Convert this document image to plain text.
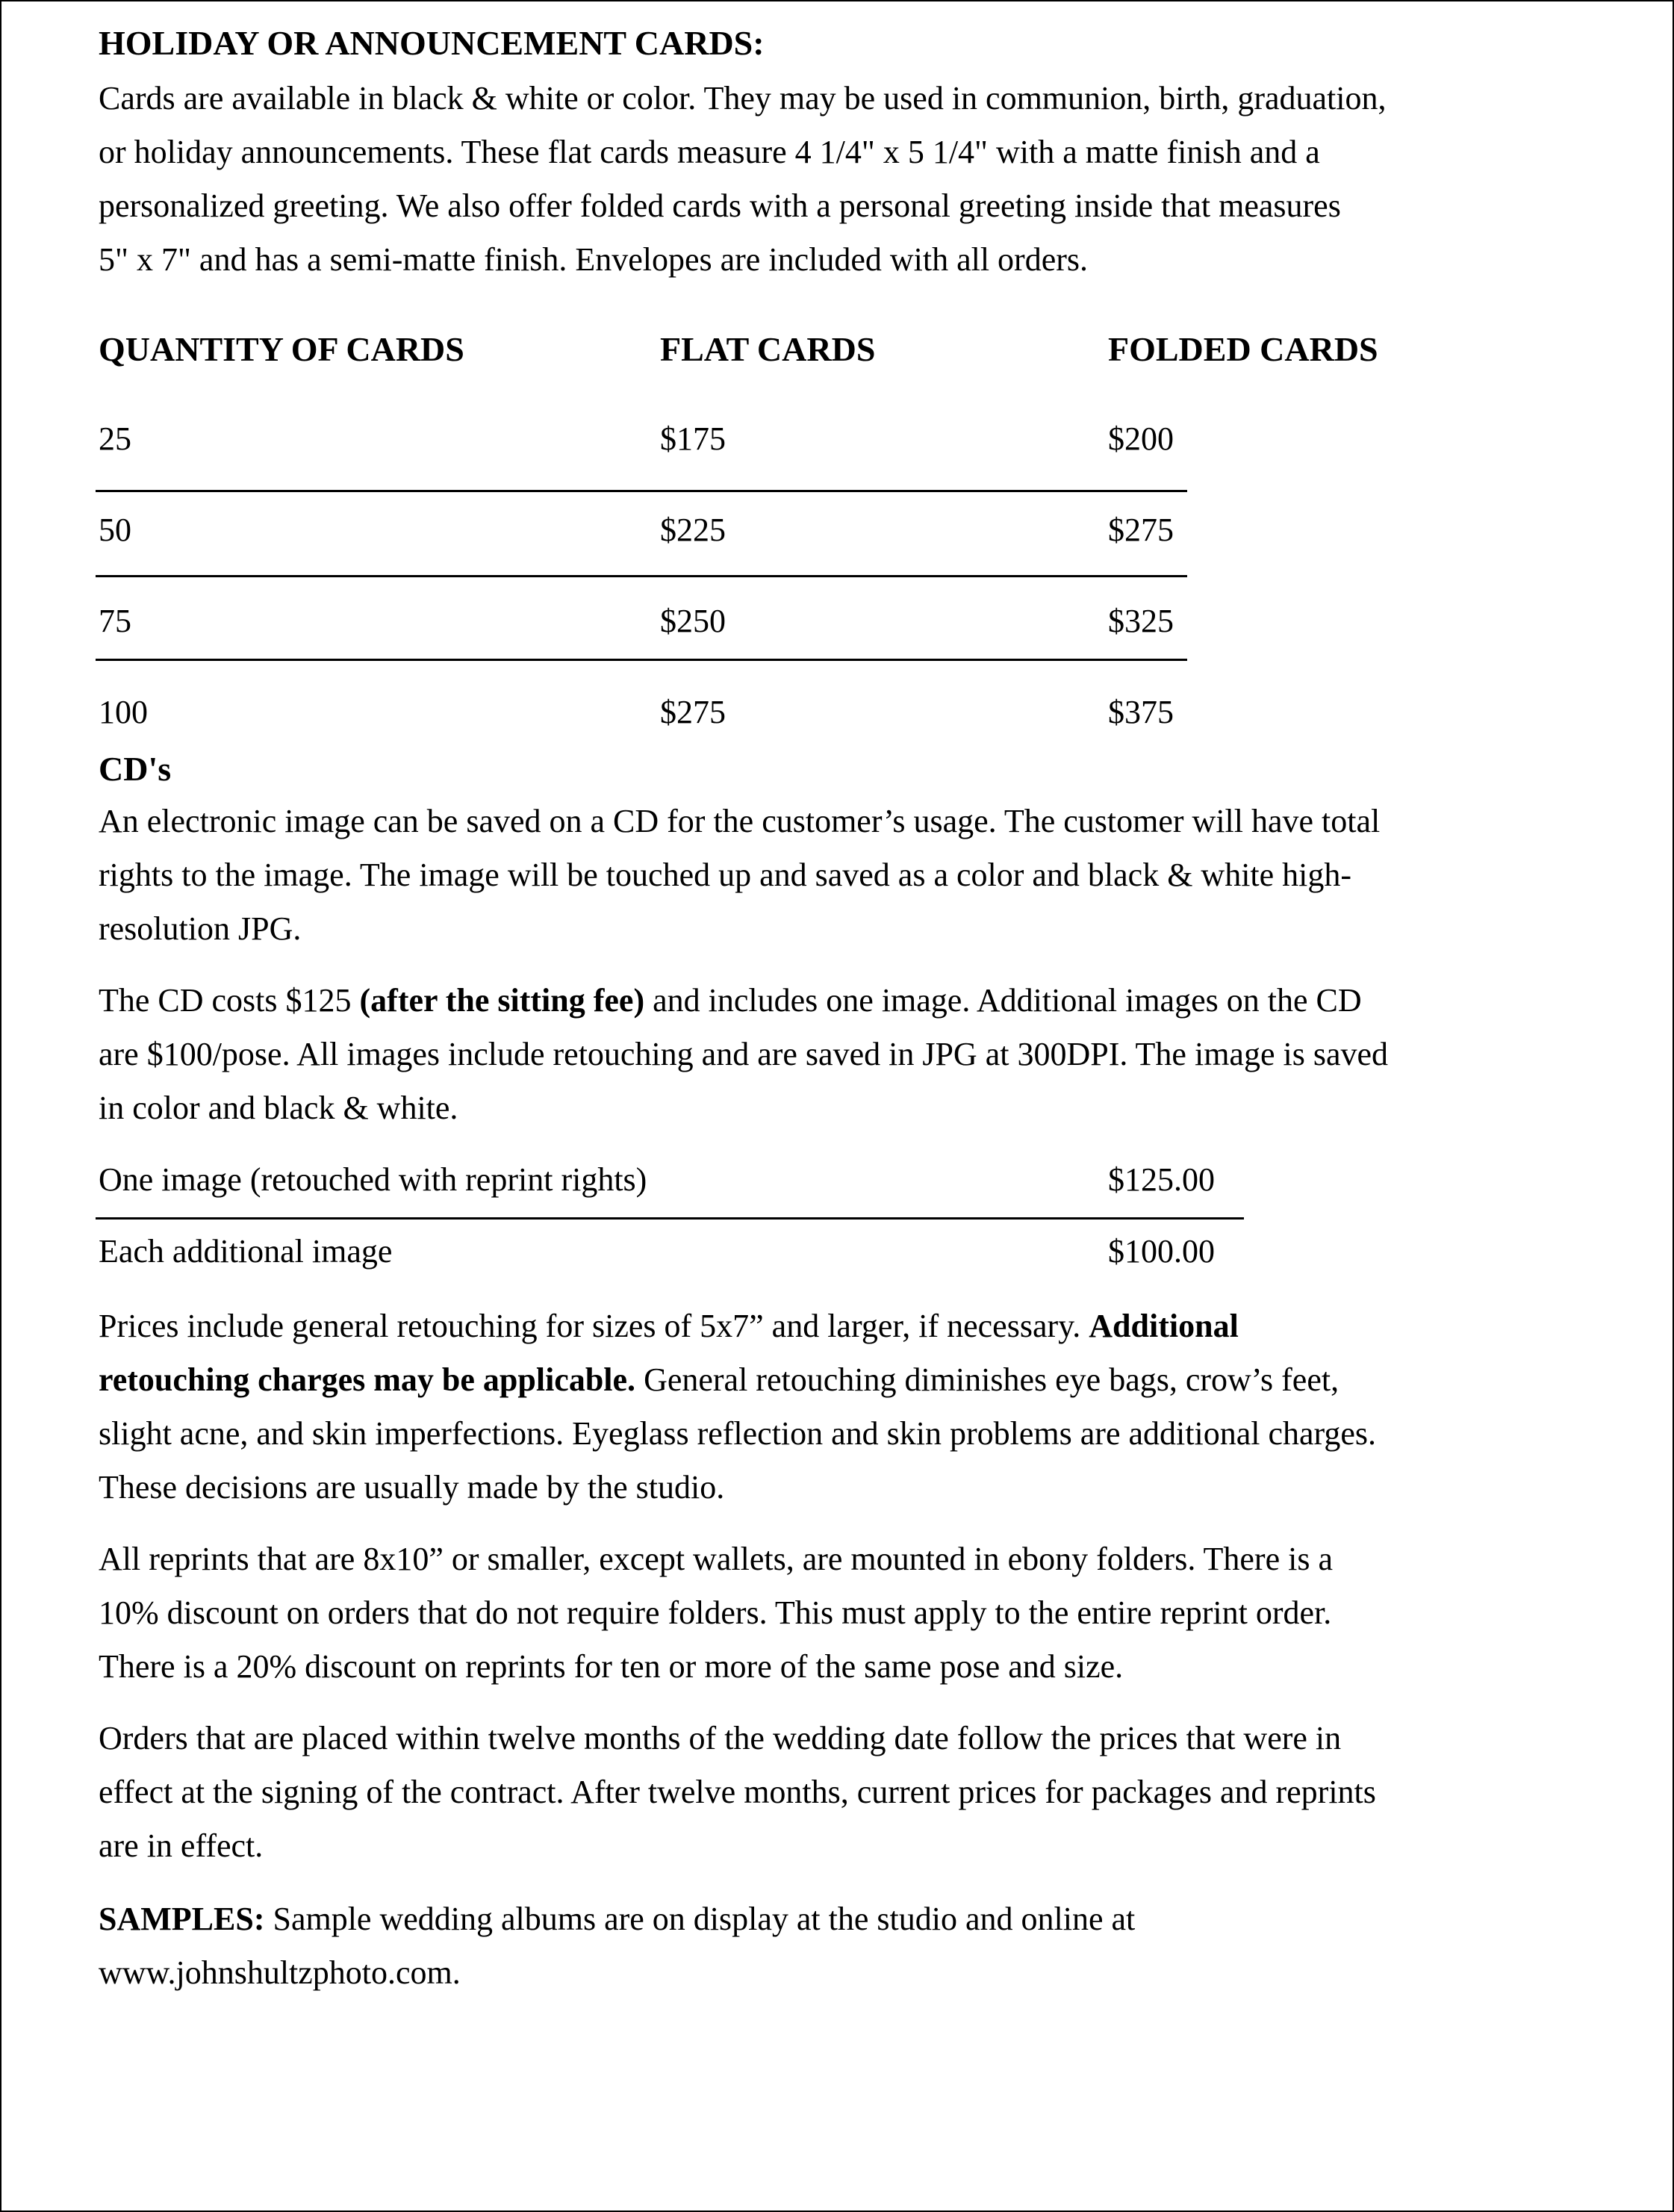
HOLIDAY OR ANNOUNCEMENT CARDS:
Cards are available in black & white or color. They may be used in communion, birth, graduation,
or holiday announcements. These flat cards measure 4 1/4" x 5 1/4" with a matte finish and a
personalized greeting. We also offer folded cards with a personal greeting inside that measures
5" x 7" and has a semi-matte finish. Envelopes are included with all orders.
QUANTITY OF CARDS	FLAT CARDS	FOLDED CARDS
25	$175	$200
50	$225	$275
75	$250	$325
100	$275	$375
CD's
An electronic image can be saved on a CD for the customer’s usage. The customer will have total
rights to the image. The image will be touched up and saved as a color and black & white high-
resolution JPG.
The CD costs $125 (after the sitting fee) and includes one image. Additional images on the CD
are $100/pose. All images include retouching and are saved in JPG at 300DPI. The image is saved
in color and black & white.
One image (retouched with reprint rights)	$125.00
Each additional image	$100.00
Prices include general retouching for sizes of 5x7” and larger, if necessary. Additional
retouching charges may be applicable. General retouching diminishes eye bags, crow’s feet,
slight acne, and skin imperfections. Eyeglass reflection and skin problems are additional charges.
These decisions are usually made by the studio.
All reprints that are 8x10” or smaller, except wallets, are mounted in ebony folders. There is a
10% discount on orders that do not require folders. This must apply to the entire reprint order.
There is a 20% discount on reprints for ten or more of the same pose and size.
Orders that are placed within twelve months of the wedding date follow the prices that were in
effect at the signing of the contract. After twelve months, current prices for packages and reprints
are in effect.
SAMPLES: Sample wedding albums are on display at the studio and online at
www.johnshultzphoto.com.
